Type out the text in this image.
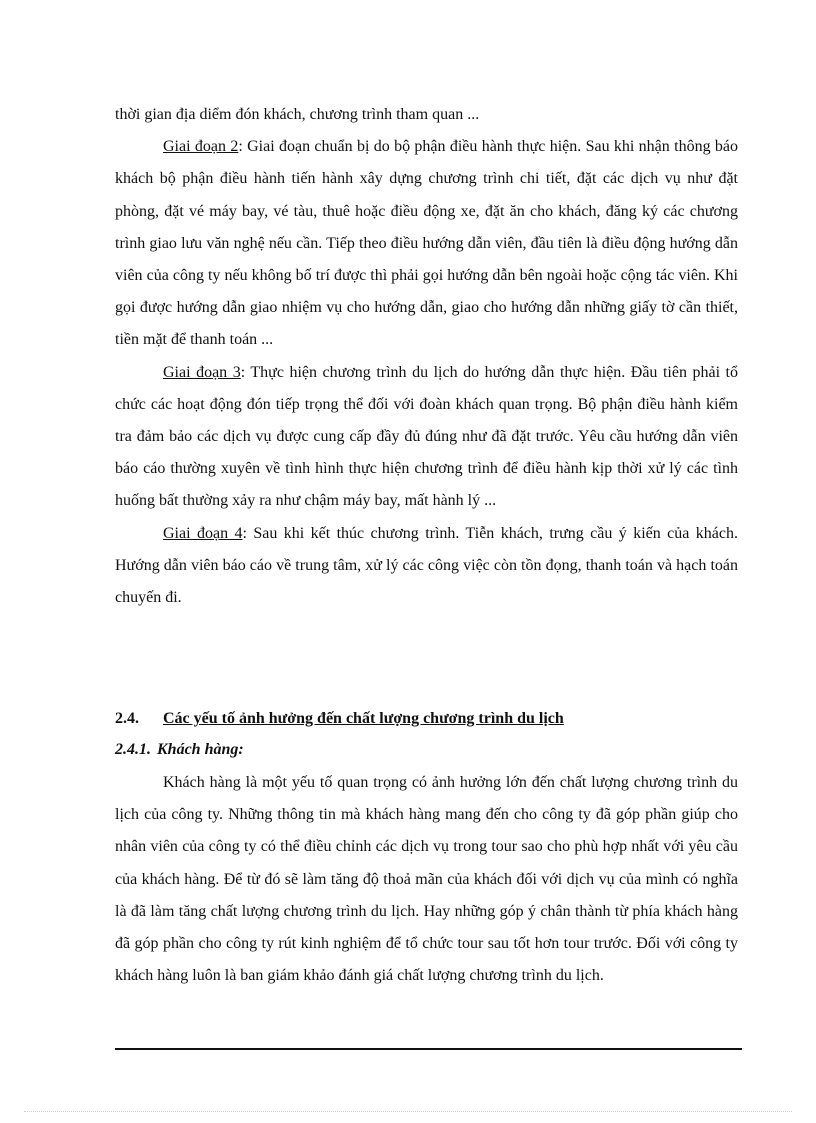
thời gian địa diểm đón khách, chương trình tham quan ...

Giai đoạn 2: Giai đoạn chuẩn bị do bộ phận điều hành thực hiện. Sau khi nhận thông báo khách bộ phận điều hành tiến hành xây dựng chương trình chi tiết, đặt các dịch vụ như đặt phòng, đặt vé máy bay, vé tàu, thuê hoặc điều động xe, đặt ăn cho khách, đăng ký các chương trình giao lưu văn nghệ nếu cần. Tiếp theo điều hướng dẫn viên, đầu tiên là điều động hướng dẫn viên của công ty nếu không bố trí được thì phải gọi hướng dẫn bên ngoài hoặc cộng tác viên. Khi gọi được hướng dẫn giao nhiệm vụ cho hướng dẫn, giao cho hướng dẫn những giấy tờ cần thiết, tiền mặt để thanh toán ...

Giai đoạn 3: Thực hiện chương trình du lịch do hướng dẫn thực hiện. Đầu tiên phải tổ chức các hoạt động đón tiếp trọng thể đối với đoàn khách quan trọng. Bộ phận điều hành kiểm tra đảm bảo các dịch vụ được cung cấp đầy đủ đúng như đã đặt trước. Yêu cầu hướng dẫn viên báo cáo thường xuyên về tình hình thực hiện chương trình để điều hành kịp thời xử lý các tình huống bất thường xảy ra như chậm máy bay, mất hành lý ...

Giai đoạn 4: Sau khi kết thúc chương trình. Tiễn khách, trưng cầu ý kiến của khách. Hướng dẫn viên báo cáo về trung tâm, xử lý các công việc còn tồn đọng, thanh toán và hạch toán chuyến đi.

2.4. Các yếu tố ảnh hưởng đến chất lượng chương trình du lịch
2.4.1. Khách hàng:

Khách hàng là một yếu tố quan trọng có ảnh hưởng lớn đến chất lượng chương trình du lịch của công ty. Những thông tin mà khách hàng mang đến cho công ty đã góp phần giúp cho nhân viên của công ty có thể điều chỉnh các dịch vụ trong tour sao cho phù hợp nhất với yêu cầu của khách hàng. Để từ đó sẽ làm tăng độ thoả mãn của khách đối với dịch vụ của mình có nghĩa là đã làm tăng chất lượng chương trình du lịch. Hay những góp ý chân thành từ phía khách hàng đã góp phần cho công ty rút kinh nghiệm để tổ chức tour sau tốt hơn tour trước. Đối với công ty khách hàng luôn là ban giám khảo đánh giá chất lượng chương trình du lịch.
